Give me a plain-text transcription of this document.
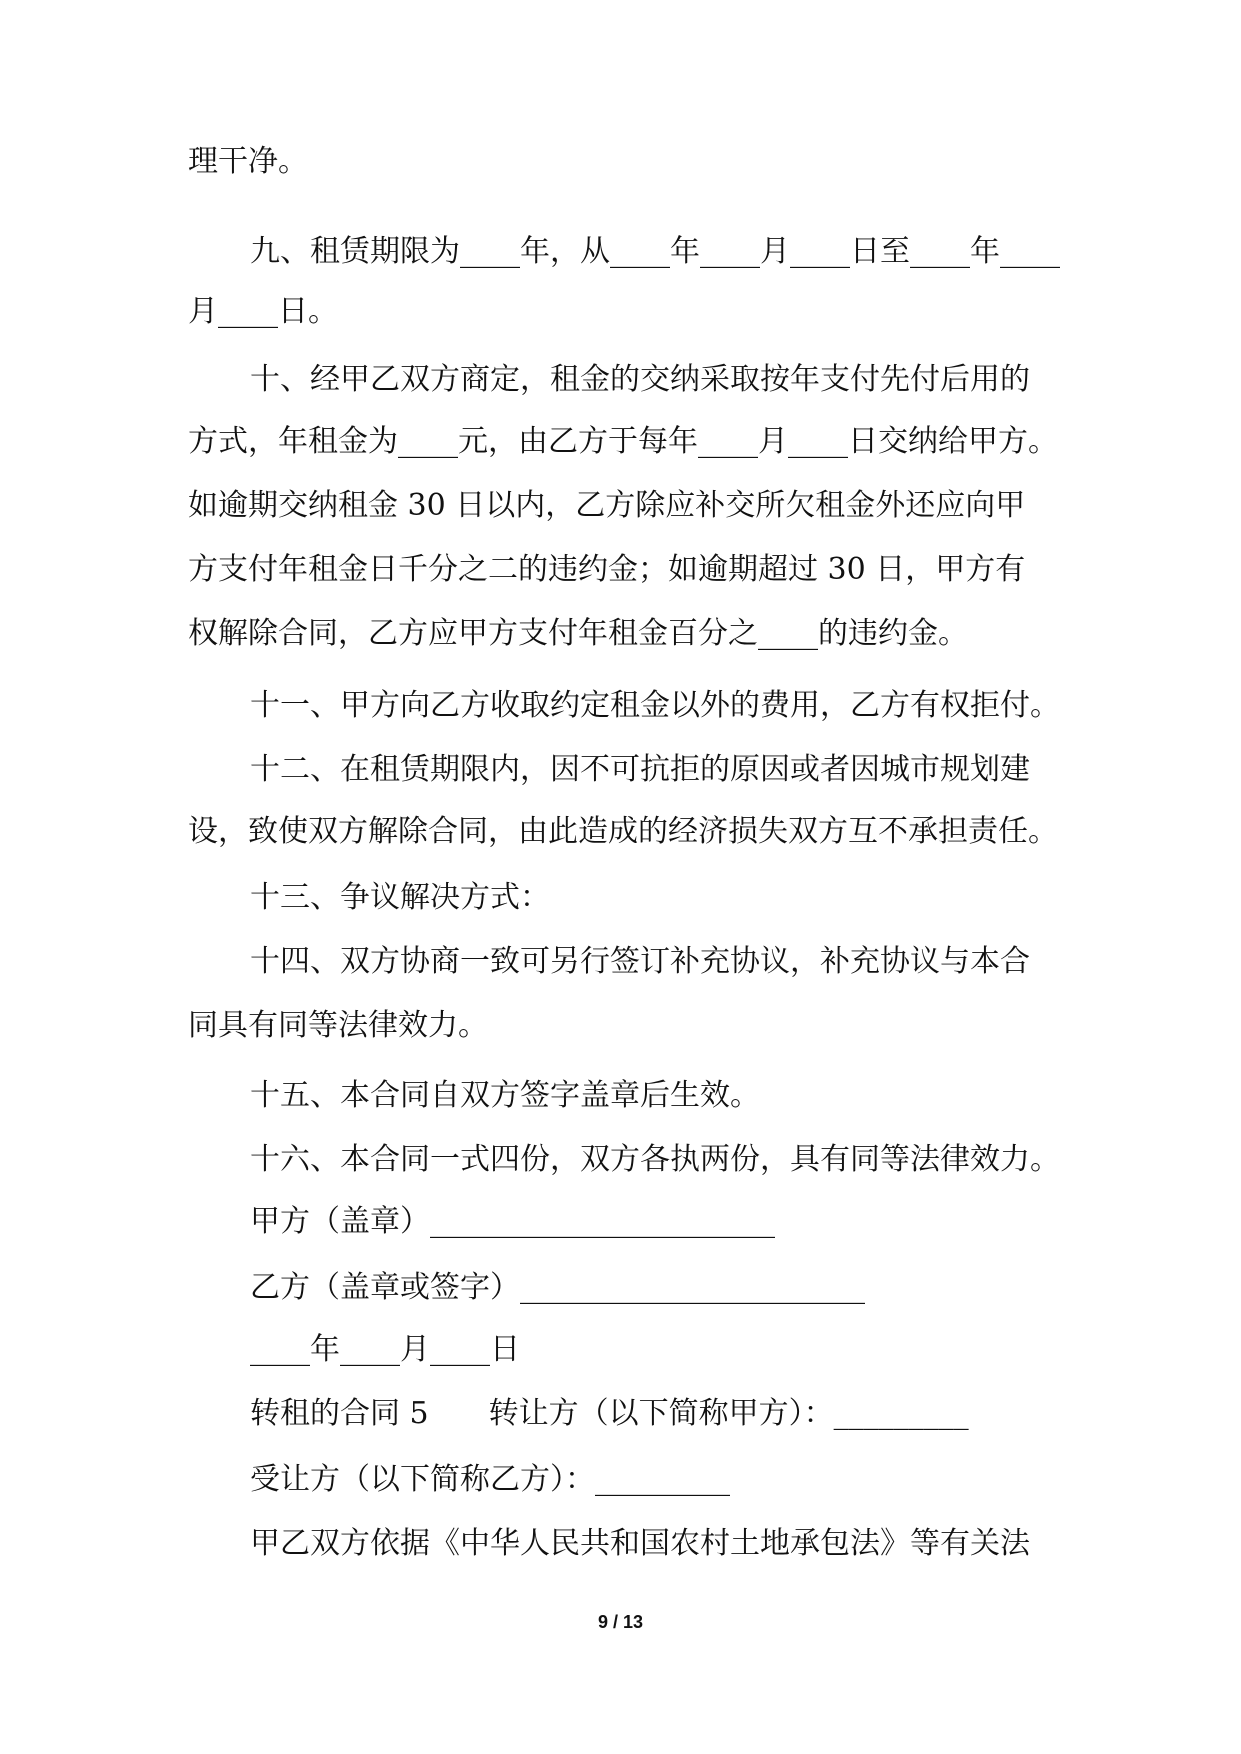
理干净。
九、租赁期限为____年，从____年____月____日至____年____
月____日。
十、经甲乙双方商定，租金的交纳采取按年支付先付后用的
方式，年租金为____元，由乙方于每年____月____日交纳给甲方。
如逾期交纳租金 30 日以内，乙方除应补交所欠租金外还应向甲
方支付年租金日千分之二的违约金；如逾期超过 30 日，甲方有
权解除合同，乙方应甲方支付年租金百分之____的违约金。
十一、甲方向乙方收取约定租金以外的费用，乙方有权拒付。
十二、在租赁期限内，因不可抗拒的原因或者因城市规划建
设，致使双方解除合同，由此造成的经济损失双方互不承担责任。
十三、争议解决方式：
十四、双方协商一致可另行签订补充协议，补充协议与本合
同具有同等法律效力。
十五、本合同自双方签字盖章后生效。
十六、本合同一式四份，双方各执两份，具有同等法律效力。
甲方（盖章）_______________________
乙方（盖章或签字）_______________________
____年____月____日
转租的合同 5　　转让方（以下简称甲方）：_________
受让方（以下简称乙方）：_________
甲乙双方依据《中华人民共和国农村土地承包法》等有关法
9 / 13
